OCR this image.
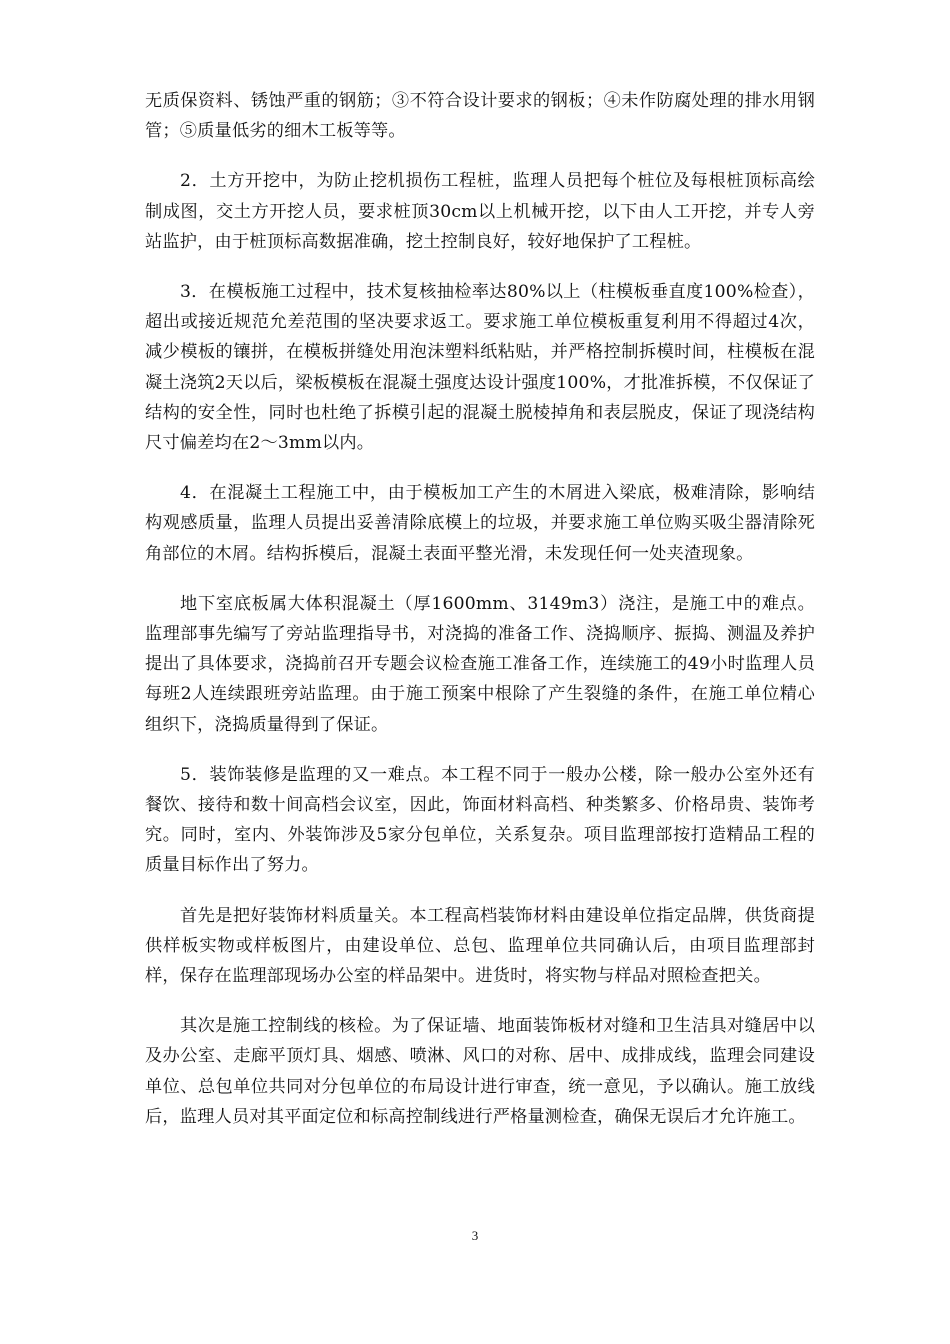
无质保资料、锈蚀严重的钢筋；③不符合设计要求的钢板；④未作防腐处理的排水用钢管；⑤质量低劣的细木工板等等。

2．土方开挖中，为防止挖机损伤工程桩，监理人员把每个桩位及每根桩顶标高绘制成图，交土方开挖人员，要求桩顶30cm以上机械开挖，以下由人工开挖，并专人旁站监护，由于桩顶标高数据准确，挖土控制良好，较好地保护了工程桩。

3．在模板施工过程中，技术复核抽检率达80%以上（柱模板垂直度100%检查），超出或接近规范允差范围的坚决要求返工。要求施工单位模板重复利用不得超过4次，减少模板的镶拼，在模板拼缝处用泡沫塑料纸粘贴，并严格控制拆模时间，柱模板在混凝土浇筑2天以后，梁板模板在混凝土强度达设计强度100%，才批准拆模，不仅保证了结构的安全性，同时也杜绝了拆模引起的混凝土脱棱掉角和表层脱皮，保证了现浇结构尺寸偏差均在2～3mm以内。

4．在混凝土工程施工中，由于模板加工产生的木屑进入梁底，极难清除，影响结构观感质量，监理人员提出妥善清除底模上的垃圾，并要求施工单位购买吸尘器清除死角部位的木屑。结构拆模后，混凝土表面平整光滑，未发现任何一处夹渣现象。

地下室底板属大体积混凝土（厚1600mm、3149m3）浇注，是施工中的难点。监理部事先编写了旁站监理指导书，对浇捣的准备工作、浇捣顺序、振捣、测温及养护提出了具体要求，浇捣前召开专题会议检查施工准备工作，连续施工的49小时监理人员每班2人连续跟班旁站监理。由于施工预案中根除了产生裂缝的条件，在施工单位精心组织下，浇捣质量得到了保证。

5．装饰装修是监理的又一难点。本工程不同于一般办公楼，除一般办公室外还有餐饮、接待和数十间高档会议室，因此，饰面材料高档、种类繁多、价格昂贵、装饰考究。同时，室内、外装饰涉及5家分包单位，关系复杂。项目监理部按打造精品工程的质量目标作出了努力。

首先是把好装饰材料质量关。本工程高档装饰材料由建设单位指定品牌，供货商提供样板实物或样板图片，由建设单位、总包、监理单位共同确认后，由项目监理部封样，保存在监理部现场办公室的样品架中。进货时，将实物与样品对照检查把关。

其次是施工控制线的核检。为了保证墙、地面装饰板材对缝和卫生洁具对缝居中以及办公室、走廊平顶灯具、烟感、喷淋、风口的对称、居中、成排成线，监理会同建设单位、总包单位共同对分包单位的布局设计进行审查，统一意见，予以确认。施工放线后，监理人员对其平面定位和标高控制线进行严格量测检查，确保无误后才允许施工。

3
